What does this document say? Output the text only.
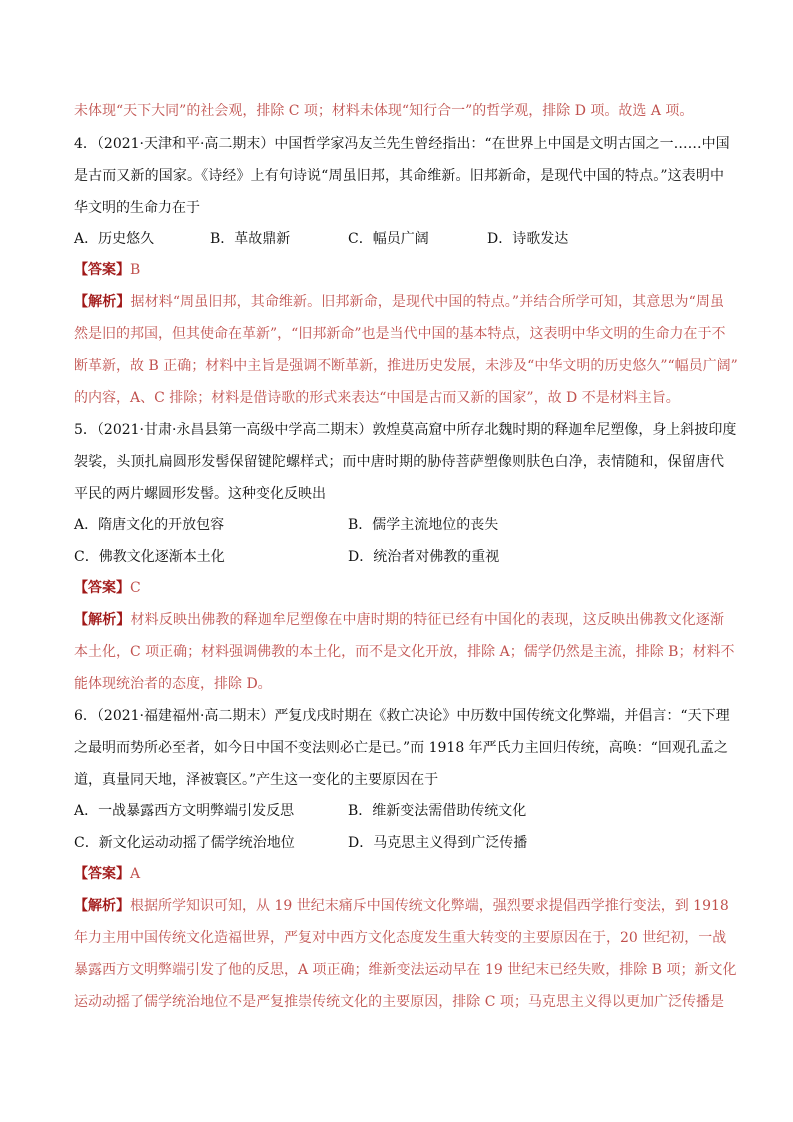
未体现“天下大同”的社会观，排除 C 项；材料未体现“知行合一”的哲学观，排除 D 项。故选 A 项。
4．（2021·天津和平·高二期末）中国哲学家冯友兰先生曾经指出：“在世界上中国是文明古国之一……中国
是古而又新的国家。《诗经》上有句诗说“周虽旧邦，其命维新。旧邦新命，是现代中国的特点。”这表明中
华文明的生命力在于
A．历史悠久	B．革故鼎新	C．幅员广阔	D．诗歌发达
【答案】B
【解析】据材料“周虽旧邦，其命维新。旧邦新命，是现代中国的特点。”并结合所学可知，其意思为“周虽
然是旧的邦国，但其使命在革新”，“旧邦新命”也是当代中国的基本特点，这表明中华文明的生命力在于不
断革新，故 B 正确；材料中主旨是强调不断革新，推进历史发展，未涉及“中华文明的历史悠久”“幅员广阔”
的内容，A、C 排除；材料是借诗歌的形式来表达“中国是古而又新的国家”，故 D 不是材料主旨。
5．（2021·甘肃·永昌县第一高级中学高二期末）敦煌莫高窟中所存北魏时期的释迦牟尼塑像，身上斜披印度
袈裟，头顶扎扁圆形发髻保留键陀螺样式；而中唐时期的胁侍菩萨塑像则肤色白净，表情随和，保留唐代
平民的两片螺圆形发髻。这种变化反映出
A．隋唐文化的开放包容	B．儒学主流地位的丧失
C．佛教文化逐渐本土化	D．统治者对佛教的重视
【答案】C
【解析】材料反映出佛教的释迦牟尼塑像在中唐时期的特征已经有中国化的表现，这反映出佛教文化逐渐
本土化，C 项正确；材料强调佛教的本土化，而不是文化开放，排除 A；儒学仍然是主流，排除 B；材料不
能体现统治者的态度，排除 D。
6．（2021·福建福州·高二期末）严复戊戌时期在《救亡决论》中历数中国传统文化弊端，并倡言：“天下理
之最明而势所必至者，如今日中国不变法则必亡是已。”而 1918 年严氏力主回归传统，高唤：“回观孔孟之
道，真量同天地，泽被寰区。”产生这一变化的主要原因在于
A．一战暴露西方文明弊端引发反思	B．维新变法需借助传统文化
C．新文化运动动摇了儒学统治地位	D．马克思主义得到广泛传播
【答案】A
【解析】根据所学知识可知，从 19 世纪末痛斥中国传统文化弊端，强烈要求提倡西学推行变法，到 1918
年力主用中国传统文化造福世界，严复对中西方文化态度发生重大转变的主要原因在于，20 世纪初，一战
暴露西方文明弊端引发了他的反思，A 项正确；维新变法运动早在 19 世纪末已经失败，排除 B 项；新文化
运动动摇了儒学统治地位不是严复推崇传统文化的主要原因，排除 C 项；马克思主义得以更加广泛传播是
